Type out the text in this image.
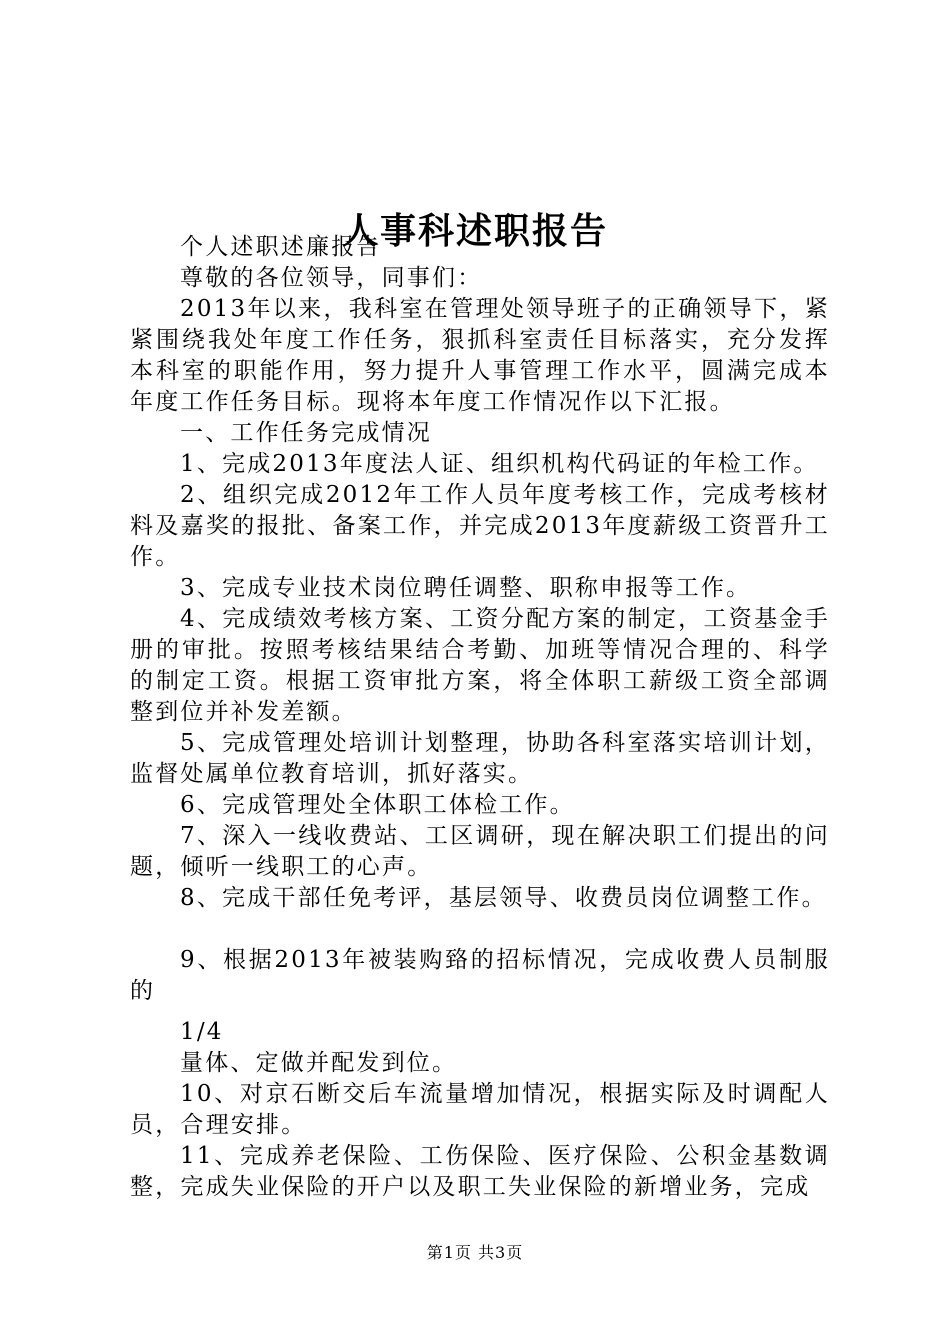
人事科述职报告

个人述职述廉报告

尊敬的各位领导，同事们：

2013年以来，我科室在管理处领导班子的正确领导下，紧紧围绕我处年度工作任务，狠抓科室责任目标落实，充分发挥本科室的职能作用，努力提升人事管理工作水平，圆满完成本年度工作任务目标。现将本年度工作情况作以下汇报。

一、工作任务完成情况

1、完成2013年度法人证、组织机构代码证的年检工作。

2、组织完成2012年工作人员年度考核工作，完成考核材料及嘉奖的报批、备案工作，并完成2013年度薪级工资晋升工作。

3、完成专业技术岗位聘任调整、职称申报等工作。

4、完成绩效考核方案、工资分配方案的制定，工资基金手册的审批。按照考核结果结合考勤、加班等情况合理的、科学的制定工资。根据工资审批方案，将全体职工薪级工资全部调整到位并补发差额。

5、完成管理处培训计划整理，协助各科室落实培训计划，监督处属单位教育培训，抓好落实。

6、完成管理处全体职工体检工作。

7、深入一线收费站、工区调研，现在解决职工们提出的问题，倾听一线职工的心声。

8、完成干部任免考评，基层领导、收费员岗位调整工作。

9、根据2013年被装购臵的招标情况，完成收费人员制服的

1/4

量体、定做并配发到位。

10、对京石断交后车流量增加情况，根据实际及时调配人员，合理安排。

11、完成养老保险、工伤保险、医疗保险、公积金基数调整，完成失业保险的开户以及职工失业保险的新增业务，完成

第1页 共3页
